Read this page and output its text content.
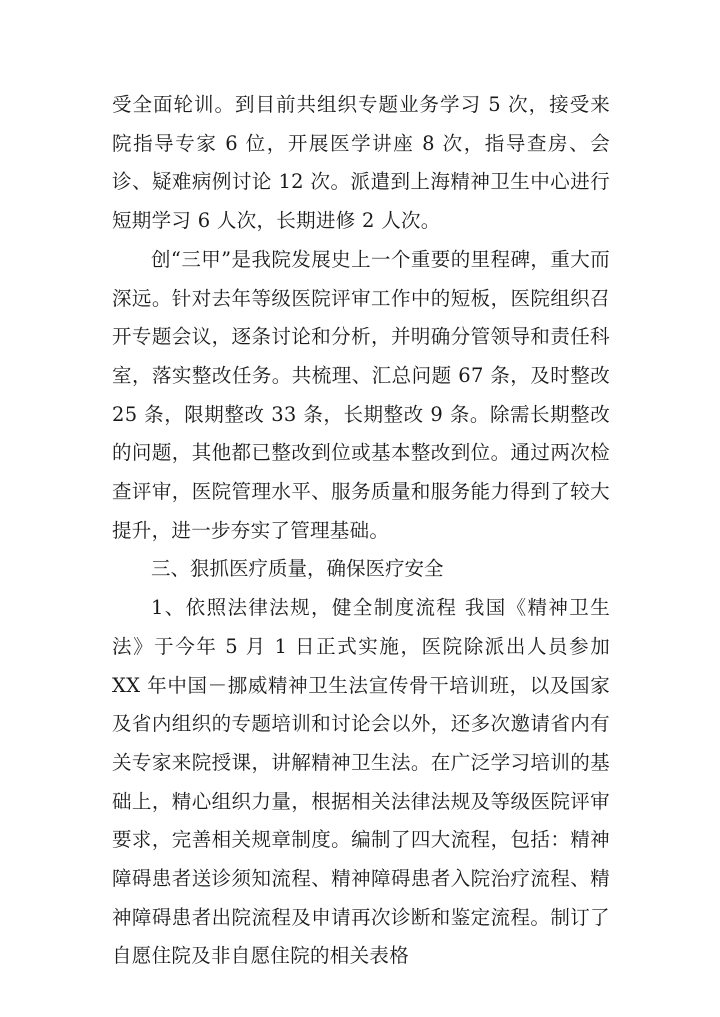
受全面轮训。到目前共组织专题业务学习 5 次，接受来院指导专家 6 位，开展医学讲座 8 次，指导查房、会诊、疑难病例讨论 12 次。派遣到上海精神卫生中心进行短期学习 6 人次，长期进修 2 人次。

创“三甲”是我院发展史上一个重要的里程碑，重大而深远。针对去年等级医院评审工作中的短板，医院组织召开专题会议，逐条讨论和分析，并明确分管领导和责任科室，落实整改任务。共梳理、汇总问题 67 条，及时整改 25 条，限期整改 33 条，长期整改 9 条。除需长期整改的问题，其他都已整改到位或基本整改到位。通过两次检查评审，医院管理水平、服务质量和服务能力得到了较大提升，进一步夯实了管理基础。

三、狠抓医疗质量，确保医疗安全

1、依照法律法规，健全制度流程 我国《精神卫生法》于今年 5 月 1 日正式实施，医院除派出人员参加 XX 年中国－挪威精神卫生法宣传骨干培训班，以及国家及省内组织的专题培训和讨论会以外，还多次邀请省内有关专家来院授课，讲解精神卫生法。在广泛学习培训的基础上，精心组织力量，根据相关法律法规及等级医院评审要求，完善相关规章制度。编制了四大流程，包括：精神障碍患者送诊须知流程、精神障碍患者入院治疗流程、精神障碍患者出院流程及申请再次诊断和鉴定流程。制订了自愿住院及非自愿住院的相关表格
